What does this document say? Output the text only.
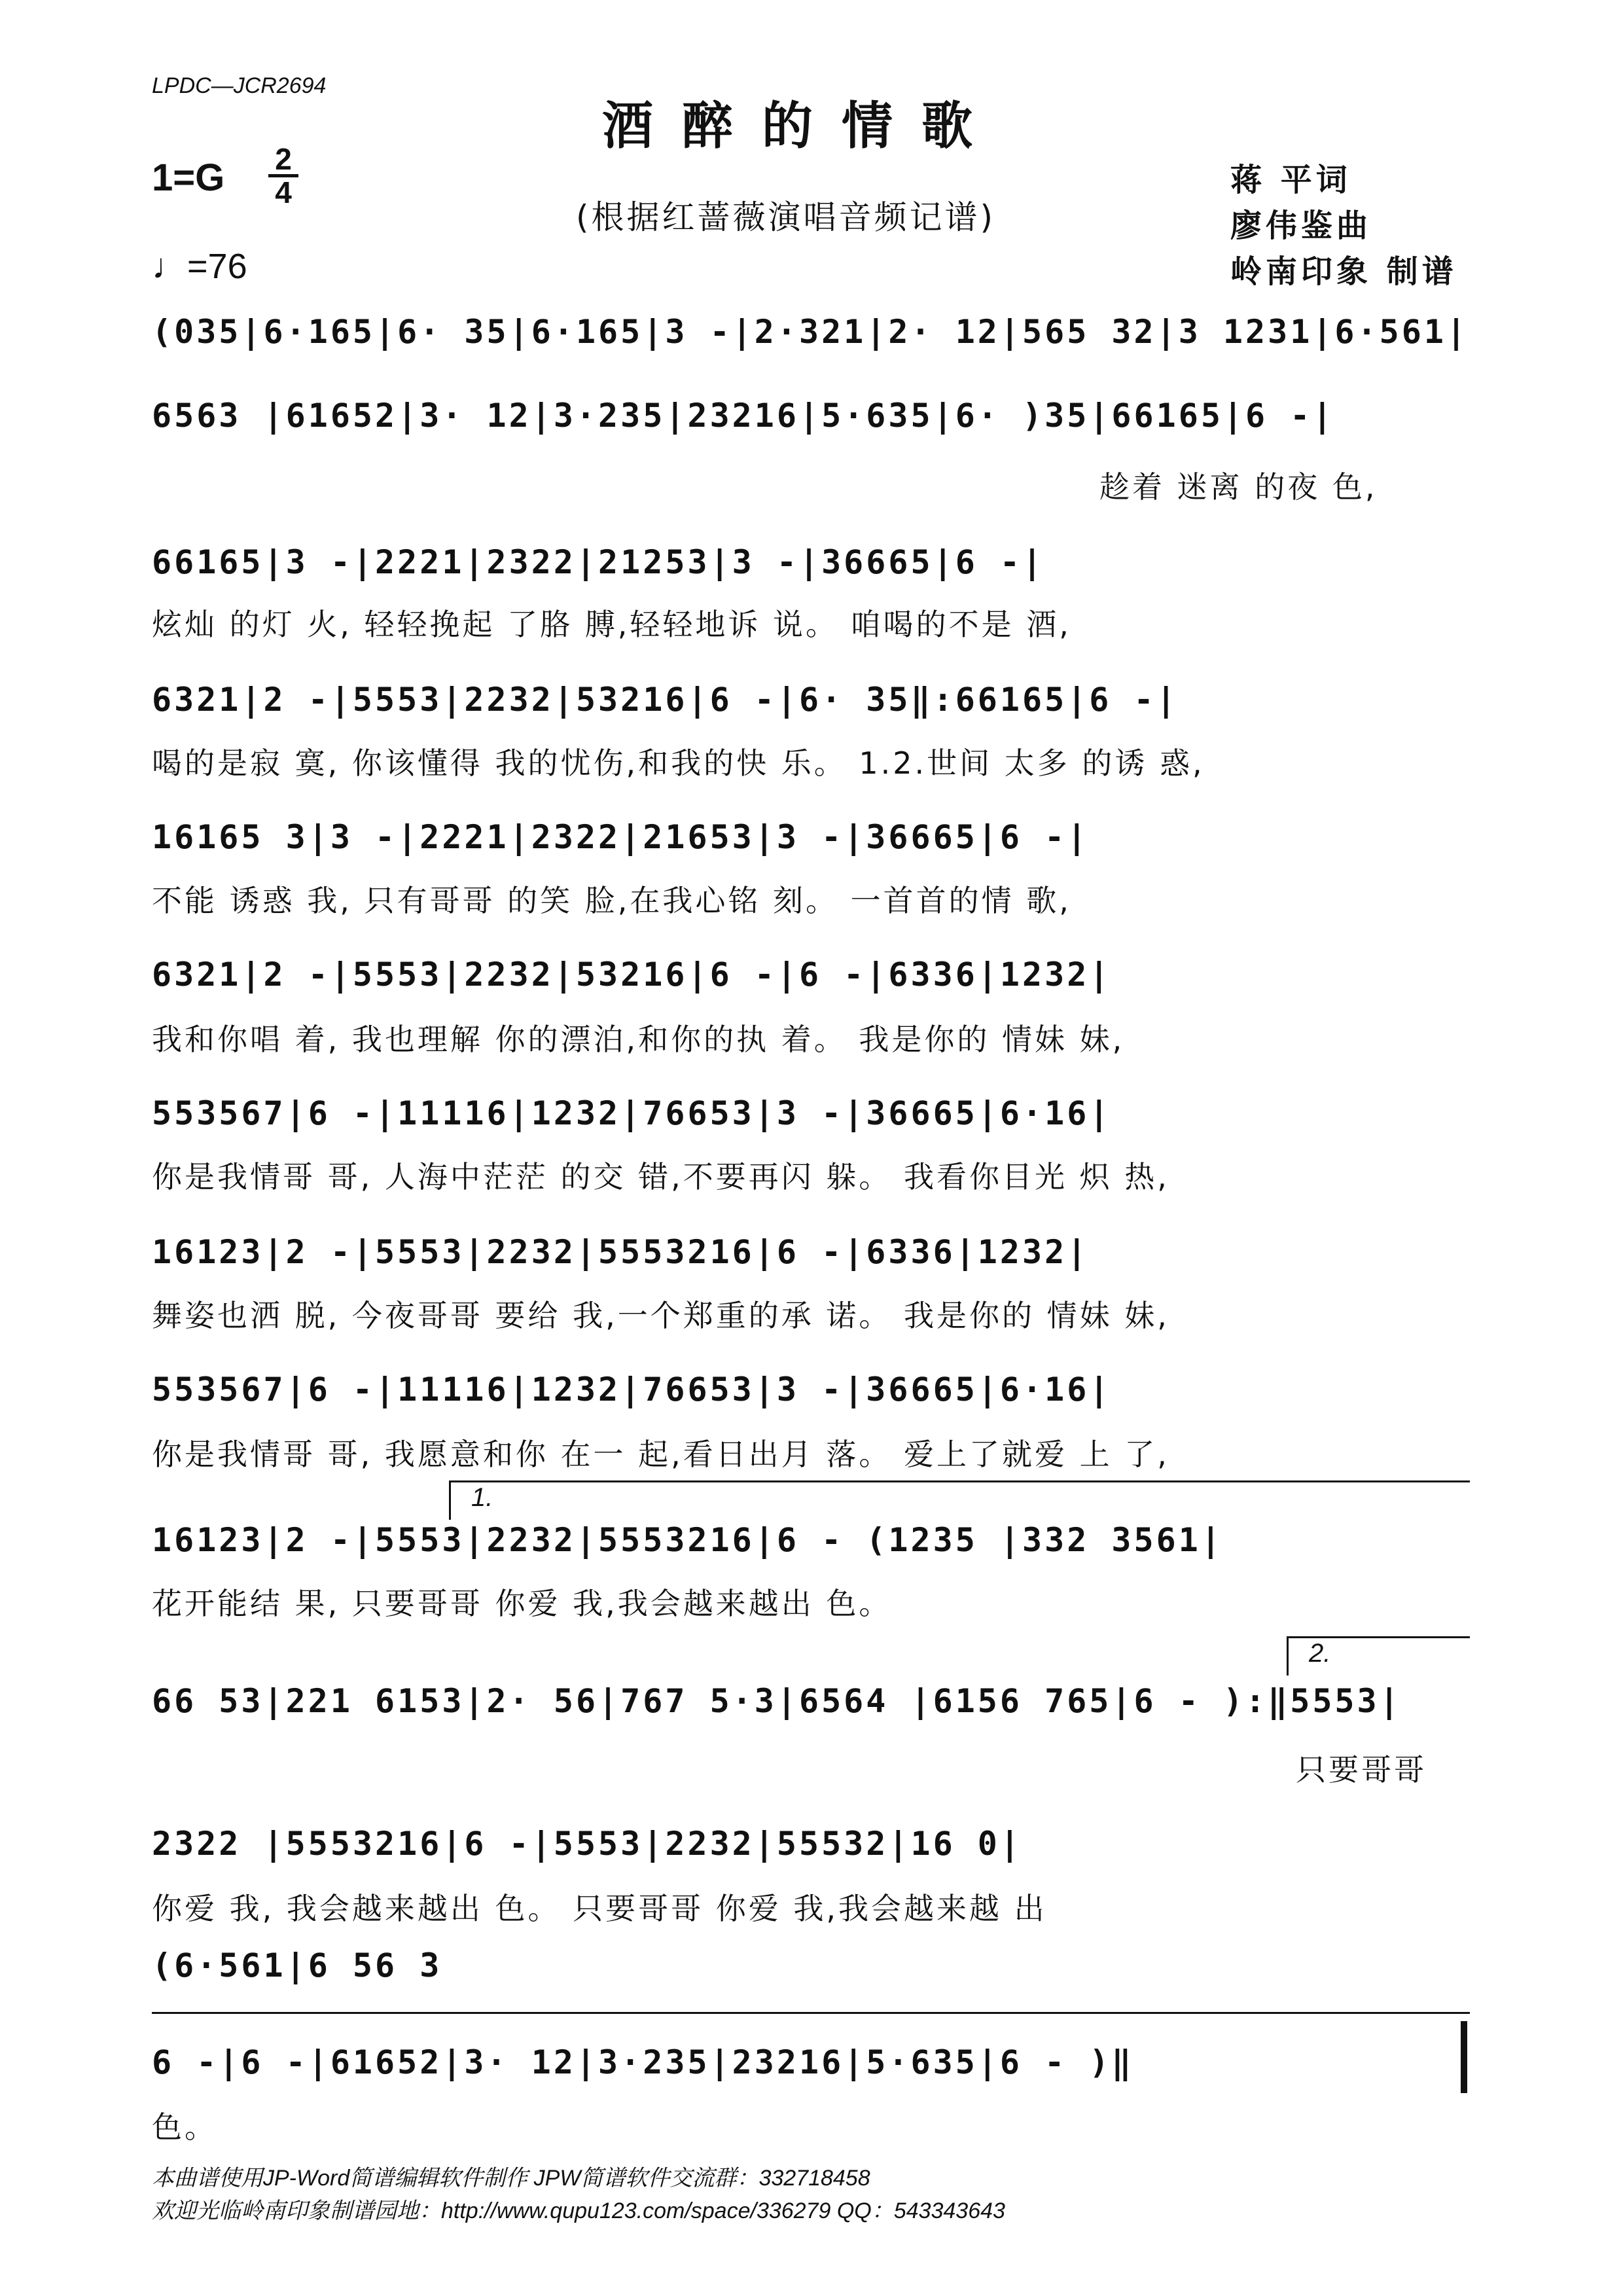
LPDC—JCR2694
酒醉的情歌
(根据红蔷薇演唱音频记谱)
1=G 2
4
♩=76
蒋 平词
廖伟鉴曲
岭南印象 制谱
(035|6·165|6· 35|6·165|3 -|2·321|2· 12|565 32|3 1231|6·561|
6563 |61652|3· 12|3·235|23216|5·635|6· )35|66165|6 -|
趁着 迷离 的夜 色,
66165|3 -|2221|2322|21253|3 -|36665|6 -|
炫灿 的灯 火, 轻轻挽起 了胳 膊,轻轻地诉 说。 咱喝的不是 酒,
6321|2 -|5553|2232|53216|6 -|6· 35‖:66165|6 -|
喝的是寂 寞, 你该懂得 我的忧伤,和我的快 乐。 1.2.世间 太多 的诱 惑,
16165 3|3 -|2221|2322|21653|3 -|36665|6 -|
不能 诱惑 我, 只有哥哥 的笑 脸,在我心铭 刻。 一首首的情 歌,
6321|2 -|5553|2232|53216|6 -|6 -|6336|1232|
我和你唱 着, 我也理解 你的漂泊,和你的执 着。 我是你的 情妹 妹,
553567|6 -|11116|1232|76653|3 -|36665|6·16|
你是我情哥 哥, 人海中茫茫 的交 错,不要再闪 躲。 我看你目光 炽 热,
16123|2 -|5553|2232|5553216|6 -|6336|1232|
舞姿也洒 脱, 今夜哥哥 要给 我,一个郑重的承 诺。 我是你的 情妹 妹,
553567|6 -|11116|1232|76653|3 -|36665|6·16|
你是我情哥 哥, 我愿意和你 在一 起,看日出月 落。 爱上了就爱 上 了,
1.
16123|2 -|5553|2232|5553216|6 - (1235 |332 3561|
花开能结 果, 只要哥哥 你爱 我,我会越来越出 色。
2.
66 53|221 6153|2· 56|767 5·3|6564 |6156 765|6 - ):‖5553|
只要哥哥
2322 |5553216|6 -|5553|2232|55532|16 0|
你爱 我, 我会越来越出 色。 只要哥哥 你爱 我,我会越来越 出
(6·561|6 56 3
6 -|6 -|61652|3· 12|3·235|23216|5·635|6 - )‖
色。
本曲谱使用JP-Word简谱编辑软件制作 JPW简谱软件交流群：332718458
欢迎光临岭南印象制谱园地：http://www.qupu123.com/space/336279 QQ：543343643
